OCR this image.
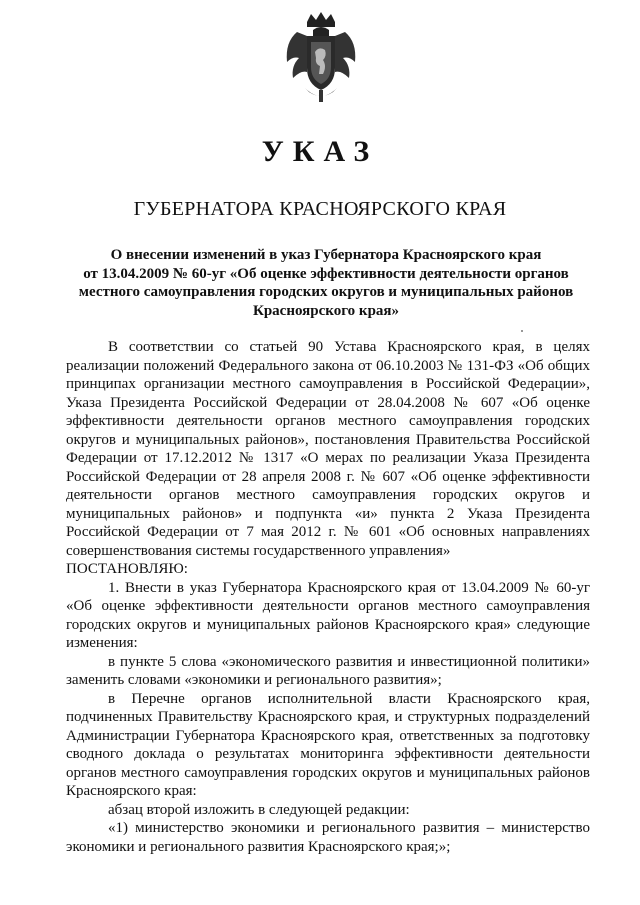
УКАЗ
ГУБЕРНАТОРА КРАСНОЯРСКОГО КРАЯ
О внесении изменений в указ Губернатора Красноярского края
от 13.04.2009 № 60-уг «Об оценке эффективности деятельности органов
местного самоуправления городских округов и муниципальных районов
Красноярского края»

В соответствии со статьей 90 Устава Красноярского края, в целях реализации положений Федерального закона от 06.10.2003 № 131-ФЗ «Об общих принципах организации местного самоуправления в Российской Федерации», Указа Президента Российской Федерации от 28.04.2008 № 607 «Об оценке эффективности деятельности органов местного самоуправления городских округов и муниципальных районов», постановления Правительства Российской Федерации от 17.12.2012 № 1317 «О мерах по реализации Указа Президента Российской Федерации от 28 апреля 2008 г. № 607 «Об оценке эффективности деятельности органов местного самоуправления городских округов и муниципальных районов» и подпункта «и» пункта 2 Указа Президента Российской Федерации от 7 мая 2012 г. № 601 «Об основных направлениях совершенствования системы государственного управления»

ПОСТАНОВЛЯЮ:

1. Внести в указ Губернатора Красноярского края от 13.04.2009 № 60-уг «Об оценке эффективности деятельности органов местного самоуправления городских округов и муниципальных районов Красноярского края» следующие изменения:

в пункте 5 слова «экономического развития и инвестиционной политики» заменить словами «экономики и регионального развития»;

в Перечне органов исполнительной власти Красноярского края, подчиненных Правительству Красноярского края, и структурных подразделений Администрации Губернатора Красноярского края, ответственных за подготовку сводного доклада о результатах мониторинга эффективности деятельности органов местного самоуправления городских округов и муниципальных районов Красноярского края:

абзац второй изложить в следующей редакции:

«1) министерство экономики и регионального развития – министерство экономики и регионального развития Красноярского края;»;
